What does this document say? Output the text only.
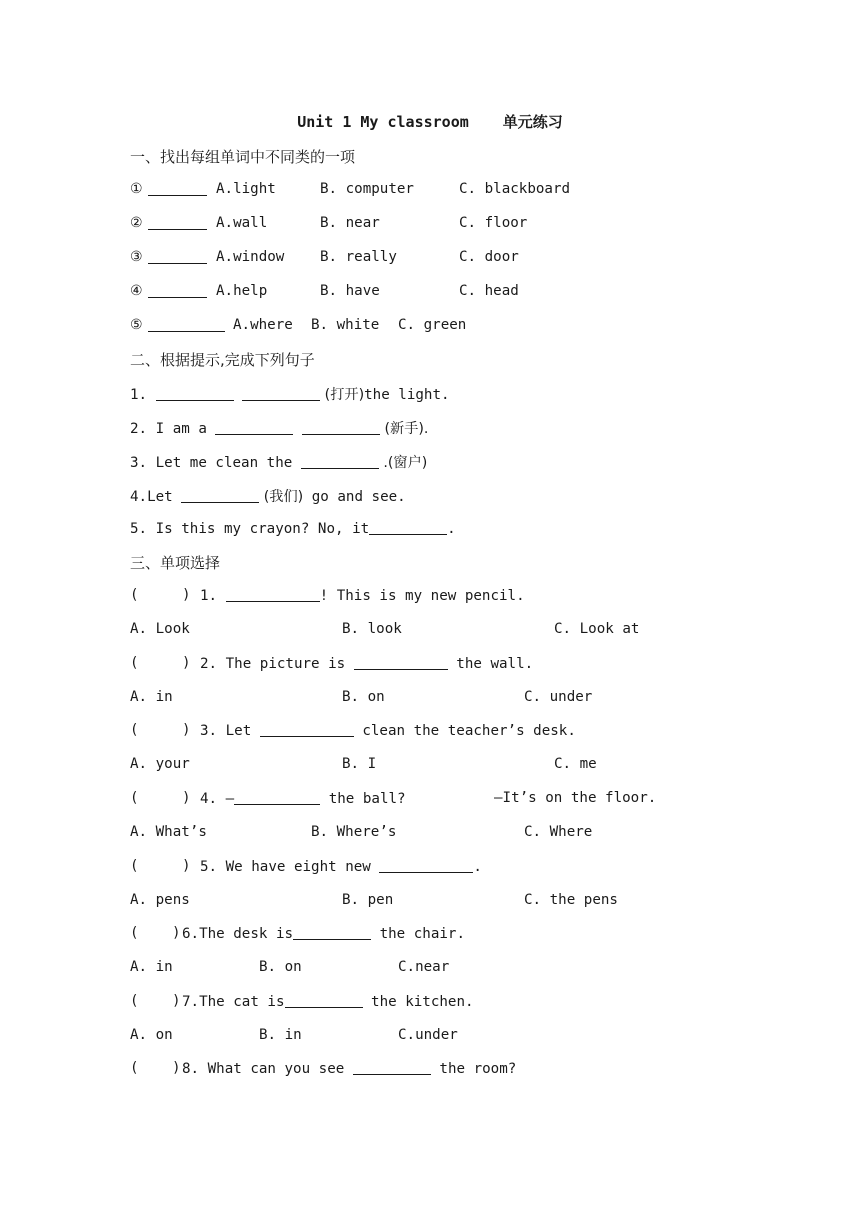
Unit 1 My classroom 单元练习
一、找出每组单词中不同类的一项
①	A.light	B. computer	C. blackboard
②	A.wall	B. near	C. floor
③	A.window	B. really	C. door
④	A.help	B. have	C. head
⑤	A.where B. white C. green
二、根据提示,完成下列句子
1.	(打开)the light.
2. I am a	(新手).
3. Let me clean the	.(窗户)
4.Let	(我们) go and see.
5. Is this my crayon? No, it	.
三、单项选择
(	) 1.	! This is my new pencil.
A. Look	B. look	C. Look at
(	) 2. The picture is	the wall.
A. in	B. on	C. under
(	) 3. Let	clean the teacher’s desk.
A. your	B. I	C. me
(	) 4. —	the ball?	—It’s on the floor.
A. What’s	B. Where’s	C. Where
(	) 5. We have eight new	.
A. pens	B. pen	C. the pens
( ) 6.The desk is	the chair.
A. in	B. on	C.near
( ) 7.The cat is	the kitchen.
A. on	B. in	C.under
( ) 8. What can you see	the room?
